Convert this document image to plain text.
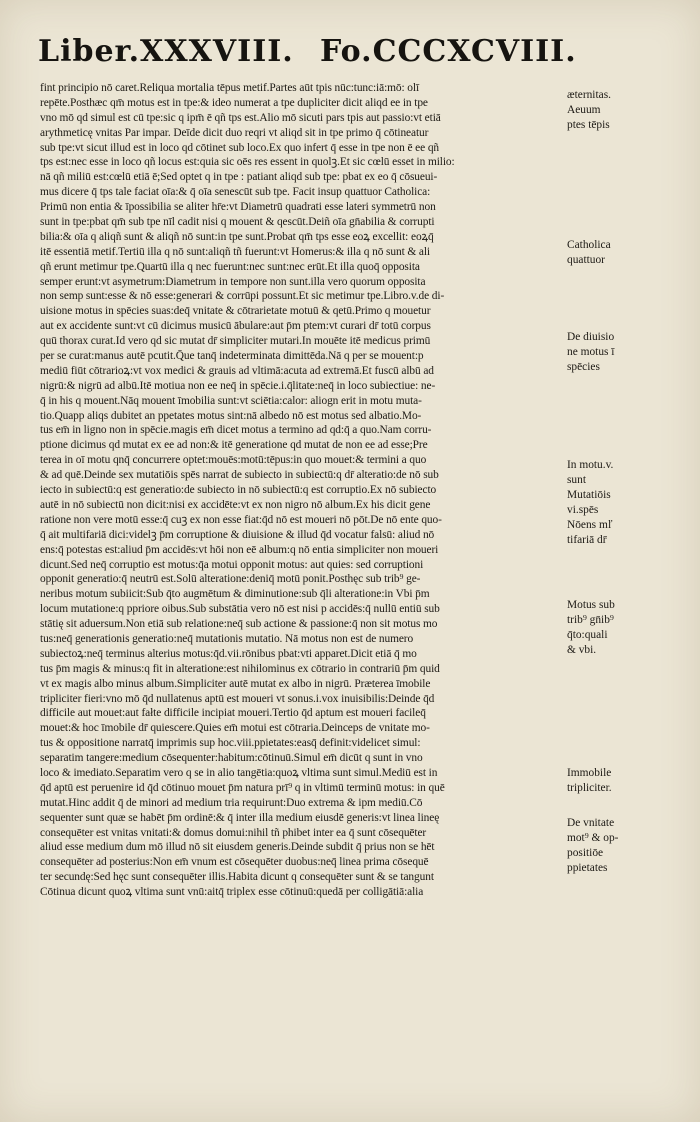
Liber.XXXVIII. Fo.CCCXCVIII.
fint principio nō caret.Reliqua mortalia tēpus metif.Partes aūt tpis nūc:tunc:iā:mō: olī
repēte.Posthæc qm̄ motus est in tpe:& ideo numerat a tpe dupliciter dicit aliqd ee in tpe
vno mō qd simul est cū tpe:sic q ipm̄ ē qñ tps est.Alio mō sicuti pars tpis aut passio:vt etiā
arythmeticę vnitas Par impar. Deīde dicit duo reqri vt aliqd sit in tpe primo q̄ cōtineatur
sub tpe:vt sicut illud est in loco qd cōtinet sub loco.Ex quo infert q̄ esse in tpe non ē ee qñ
tps est:nec esse in loco qñ locus est:quia sic oēs res essent in quolꝫ.Et sic cœlū esset in milio:
nā qñ miliū est:cœlū etiā ē;Sed optet q in tpe : patiant aliqd sub tpe: pbat ex eo q̄ cōsueui-
mus dicere q̄ tps tale faciat oīa:& q̄ oīa senescūt sub tpe. Facit insup quattuor Catholica:
Primū non entia & īpossibilia se aliter hr̄e:vt Diametrū quadrati esse lateri symmetrū non
sunt in tpe:pbat qm̄ sub tpe nīl cadit nisi q mouent & qescūt.Deiñ oīa gn̄abilia & corrupti
bilia:& oīa q aliqñ sunt & aliqñ nō sunt:in tpe sunt.Probat qm̄ tps esse eoꝝ excellit: eoꝝq̄
itē essentiā metif.Tertiū illa q nō sunt:aliqñ tñ fuerunt:vt Homerus:& illa q nō sunt & ali
qñ erunt metimur tpe.Quartū illa q nec fuerunt:nec sunt:nec erūt.Et illa quoq̄ opposita
semper erunt:vt asymetrum:Diametrum in tempore non sunt.illa vero quorum opposita
non semp sunt:esse & nō esse:generari & corrūpi possunt.Et sic metimur tpe.Libro.v.de di-
uisione motus in spēcies suas:deq̄ vnitate & cōtrarietate motuū & qetū.Primo q mouetur
aut ex accidente sunt:vt cū dicimus musicū ābulare:aut p̄m ptem:vt curari dr̄ totū corpus
quū thorax curat.Id vero qd sic mutat dr̄ simpliciter mutari.In mouēte itē medicus primū
per se curat:manus autē pcutit.Q̄ue tanq̄ indeterminata dimittēda.Nā q per se mouent:p
mediū fiūt cōtrarioꝝ:vt vox medici & grauis ad vltimā:acuta ad extremā.Et fuscū albū ad
nigrū:& nigrū ad albū.Itē motiua non ee neq̄ in spēcie.i.q̄litate:neq̄ in loco subiectiue: ne-
q̄ in his q mouent.Nāq mouent īmobilia sunt:vt sciētia:calor: aliogn erit in motu muta-
tio.Quapp aliqs dubitet an ppetates motus sint:nā albedo nō est motus sed albatio.Mo-
tus em̄ in ligno non in spēcie.magis em̄ dicet motus a termino ad qd:q̄ a quo.Nam corru-
ptione dicimus qd mutat ex ee ad non:& itē generatione qd mutat de non ee ad esse;Pre
terea in oī motu qnq̄ concurrere optet:mouēs:motū:tēpus:in quo mouet:& termini a quo
& ad quē.Deinde sex mutatiōis spēs narrat de subiecto in subiectū:q dr̄ alteratio:de nō sub
iecto in subiectū:q est generatio:de subiecto in nō subiectū:q est corruptio.Ex nō subiecto
autē in nō subiectū non dicit:nisi ex accidēte:vt ex non nigro nō album.Ex his dicit gene
ratione non vere motū esse:q̄ cuꝫ ex non esse fiat:q̄d nō est moueri nō pōt.De nō ente quo-
q̄ ait multifariā dici:videlꝫ p̄m corruptione & diuisione & illud q̄d vocatur falsū: aliud nō
ens:q̄ potestas est:aliud p̄m accidēs:vt hōi non eē album:q nō entia simpliciter non moueri
dicunt.Sed neq̄ corruptio est motus:q̄a motui opponit motus: aut quies: sed corruptioni
opponit generatio:q̄ neutrū est.Solū alteratione:deniq̄ motū ponit.Posthęc sub trib⁹ ge-
neribus motum subiicit:Sub q̄to augmētum & diminutione:sub q̄li alteratione:in Vbi p̄m
locum mutatione:q ppriore oibus.Sub substātia vero nō est nisi p accidēs:q̄ nullū entiū sub
stātię sit aduersum.Non etiā sub relatione:neq̄ sub actione & passione:q̄ non sit motus mo
tus:neq̄ generationis generatio:neq̄ mutationis mutatio. Nā motus non est de numero
subiectoꝝ:neq̄ terminus alterius motus:q̄d.vii.rōnibus pbat:vti apparet.Dicit etiā q̄ mo
tus p̄m magis & minus:q fit in alteratione:est nihilominus ex cōtrario in contrariū p̄m quid
vt ex magis albo minus album.Simpliciter autē mutat ex albo in nigrū. Præterea īmobile
tripliciter fieri:vno mō q̄d nullatenus aptū est moueri vt sonus.i.vox inuisibilis:Deinde q̄d
difficile aut mouet:aut fałte difficile incipiat moueri.Tertio q̄d aptum est moueri facileq̄
mouet:& hoc īmobile dr̄ quiescere.Quies em̄ motui est cōtraria.Deinceps de vnitate mo-
tus & oppositione narratq̄ imprimis sup hoc.viii.ppietates:easq̄ definit:videlicet simul:
separatim tangere:medium cōsequenter:habitum:cōtinuū.Simul em̄ dicūt q sunt in vno
loco & imediato.Separatim vero q se in alio tangētia:quoꝝ vltima sunt simul.Mediū est in
q̄d aptū est peruenire id q̄d cōtinuo mouet p̄m natura prī⁹ q in vltimū terminū motus: in quē
mutat.Hinc addit q̄ de minori ad medium tria requirunt:Duo extrema & ipm mediū.Cō
sequenter sunt quæ se habēt p̄m ordinē:& q̄ inter illa medium eiusdē generis:vt linea lineę
consequēter est vnitas vnitati:& domus domui:nihil tñ phibet inter ea q̄ sunt cōsequēter
aliud esse medium dum mō illud nō sit eiusdem generis.Deinde subdit q̄ prius non se hēt
consequēter ad posterius:Non em̄ vnum est cōsequēter duobus:neq̄ linea prima cōsequē
ter secundę:Sed hęc sunt consequēter illis.Habita dicunt q consequēter sunt & se tangunt
Cōtinua dicunt quoꝝ vltima sunt vnū:aitq̄ triplex esse cōtinuū:quedā per colligātiā:alia
æternitas.
Aeuum
ptes tēpis
Catholica
quattuor
De diuisio
ne motus ī
spēcies
In motu.v.
sunt
Mutatiōis
vi.spēs
Nōens mľ
tifariā dr̄
Motus sub
trib⁹ gn̄ib⁹
q̄to:quali
& vbi.
Immobile
tripliciter.
De vnitate
mot⁹ & op-
positiōe
ppietates
